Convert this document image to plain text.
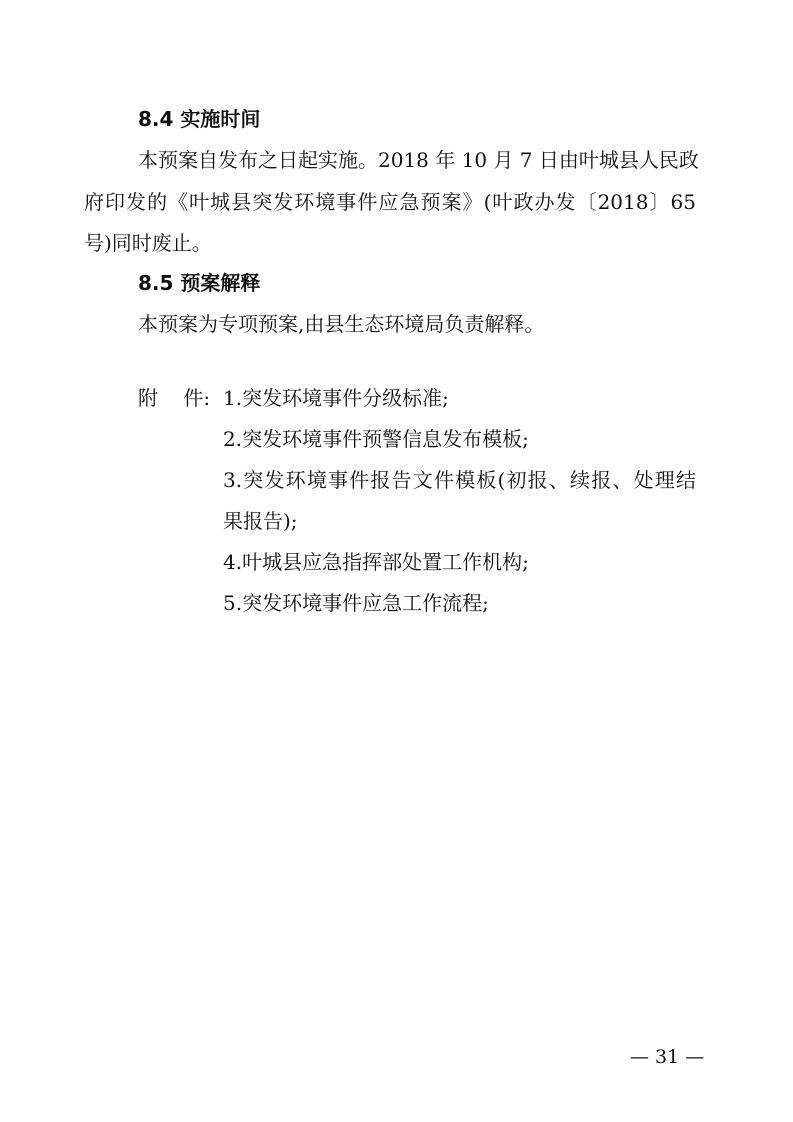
8.4 实施时间
本预案自发布之日起实施。2018 年 10 月 7 日由叶城县人民政
府印发的《叶城县突发环境事件应急预案》(叶政办发〔2018〕65
号)同时废止。
8.5 预案解释
本预案为专项预案,由县生态环境局负责解释。
附    件: 1.突发环境事件分级标准;
2.突发环境事件预警信息发布模板;
3.突发环境事件报告文件模板(初报、续报、处理结
果报告);
4.叶城县应急指挥部处置工作机构;
5.突发环境事件应急工作流程;
— 31 —
